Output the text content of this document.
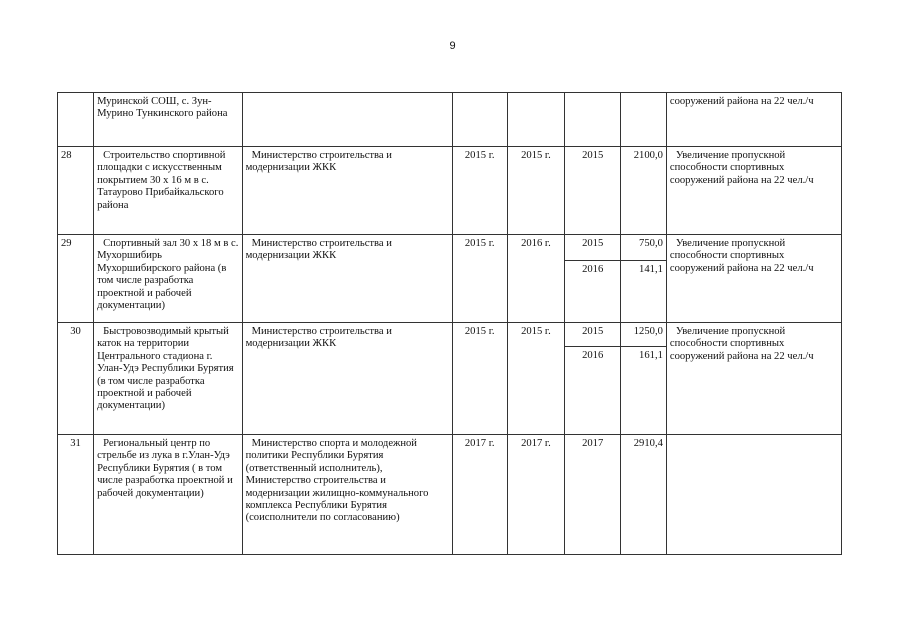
9
	Муринской СОШ, с. Зун-Мурино Тункинского района						сооружений района на 22 чел./ч
28	Строительство спортивной площадки с искусственным покрытием 30 х 16 м в с. Татаурово Прибайкальского района	Министерство строительства и модернизации ЖКК	2015 г.	2015 г.	2015	2100,0	Увеличение пропускной способности спортивных сооружений района на 22 чел./ч
29	Спортивный зал 30 х 18 м в с. Мухоршибирь Мухоршибирского района (в том числе разработка проектной и рабочей документации)	Министерство строительства и модернизации ЖКК	2015 г.	2016 г.	2015	750,0	Увеличение пропускной способности спортивных сооружений района на 22 чел./ч
					2016	141,1	
30	Быстровозводимый крытый каток на территории Центрального стадиона г. Улан-Удэ Республики Бурятия (в том числе разработка проектной и рабочей документации)	Министерство строительства и модернизации ЖКК	2015 г.	2015 г.	2015	1250,0	Увеличение пропускной способности спортивных сооружений района на 22 чел./ч
					2016	161,1	
31	Региональный центр по стрельбе из лука в г.Улан-Удэ Республики Бурятия ( в том числе разработка проектной и рабочей документации)	Министерство спорта и молодежной политики Республики Бурятия (ответственный исполнитель), Министерство строительства и модернизации жилищно-коммунального комплекса Республики Бурятия (соисполнители по согласованию)	2017 г.	2017 г.	2017	2910,4	
